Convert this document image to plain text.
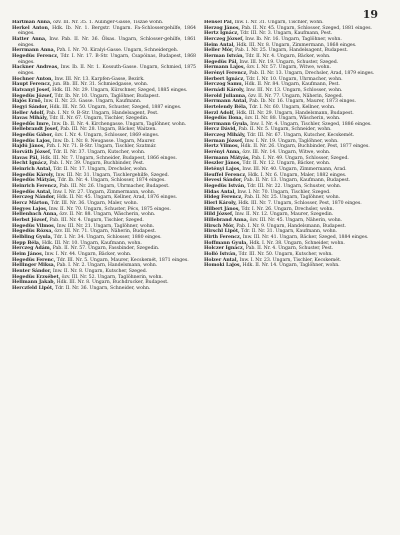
19

Hartman Anna, özv. III. Nr. 35. 1. Aulinger-Gasse, Tiszaé wohn.

Herkel Anton, Hdk. Ib. Nr. 1. Bergstr. Ungarn. Fa-Schlossergehilfe, 1864 einges.

Hatter Anna, Inw. Pab. II. Nr. 36. Ölsas. Ungarn, Schlosser-gehilfe, 1861 einges.

Herrmann Anna, Pzh. I. Nr. 70. Kiralyi-Gasse. Ungarn, Schneidergeh.

Hegedüs Ferencz, Tdr. I. Nr. 17. B-Str. Ungarn, Csapóinas, Budapest, 1868 einges.

Hackner Andreas, Inw. Ib. II. Nr. 1. Kossuth-Gasse. Ungarn, Schmied, 1875 einges.

Hochner Anton, Inw. III. Nr. 13. Karpfen-Gasse, Bezirk.

Haupt Ferencz, jun. Bb. III. Nr. 31. Schmiedgasse, wohn.

Hatvanyi Josef, Hdk. III. Nr. 29. Ungarn, Kürschner, Szeged, 1885 einges.

Hegedüs József, Tdr. Ib. Nr. 10. Ungarn, Taglöhner, Budapest.

Hajós Ernő, Inw. II. Nr. 23. Gasse. Ungarn, Kaufmann.

Hegyi Sándor, Hdk. III. Nr. 50. Ungarn, Schuster, Szeged, 1887 einges.

Heller Adolf, Pab. I. Nr. 9. B-Str. Ungarn, Handelsagent, Pest.

Havas Mihály, Tdr. II. Nr. 67. Ungarn, Tischler, Szegedin.

Hegedűs Imre, Inw. Ib. II. Nr. 4. Kirchengasse. Ungarn, Taglöhner, wohn.

Hellebrandt Josef, Pab. III. Nr. 28. Ungarn, Bäcker, Waitzen.

Hegedüs Gábor, özv. I. Nr. 4. Ungarn, Schlosser, 1869 einges.

Hegedüs Lajos, Inw. Ib. I. Nr. 8. Neugasse. Ungarn, Maurer.

Hajdú János, Pzh. I. Nr. 71. B-Str. Ungarn, Tischler, Szatmár.

Horváth József, Tdr. II. Nr. 37. Ungarn, Kutscher, wohn.

Havas Pál, Hdk. III. Nr. 7. Ungarn, Schneider, Budapest, 1866 einges.

Hecht Ignácz, Pab. I. Nr. 39. Ungarn, Buchbinder, Pest.

Heinrich Antal, Tdr. II. Nr. 17. Ungarn, Drechsler, wohn.

Hegedüs Károly, Inw. III. Nr. 31. Ungarn, Tischlergehilfe, Szeged.

Hegedüs Mátyás, Tdr. Ib. Nr. 4. Ungarn, Schlosser, 1874 einges.

Heinrich Ferencz, Pab. III. Nr. 26. Ungarn, Uhrmacher, Budapest.

Hegedüs Antal, Inw. I. Nr. 27. Ungarn, Zimmermann, wohn.

Herczeg Nándor, Hdk. II. Nr. 45. Ungarn, Kellner, Arad, 1876 einges.

Hercz Márton, Tdr. III. Nr. 36. Ungarn, Maler, wohn.

Hegyes Lajos, Inw. II. Nr. 70. Ungarn, Schuster, Pécs, 1875 einges.

Hellenbach Anna, özv. II. Nr. 88. Ungarn, Wäscherin, wohn.

Herbst József, Pab. III. Nr. 4. Ungarn, Tischler, Szeged.

Hegedüs Vilmos, Inw. III. Nr. 21. Ungarn, Taglöhner, wohn.

Hegedüs Rózsa, özv. III. Nr. 71. Ungarn, Näherin, Budapest.

Helbling Gyula, Tdr. I. Nr. 34. Ungarn, Schlosser, 1880 einges.

Hepp Béla, Hdk. III. Nr. 10. Ungarn, Kaufmann, wohn.

Herczeg Ádám, Pab. II. Nr. 57. Ungarn, Fassbinder, Szegedin.

Heim János, Inw. I. Nr. 44. Ungarn, Bäcker, wohn.

Hegedüs Ferenc, Tdr. III. Nr. 5. Ungarn, Maurer, Kecskemét, 1871 einges.

Hellinger Miksa, Pab. I. Nr. 2. Ungarn, Handelsmann, wohn.

Henter Sándor, Inw. II. Nr. 8. Ungarn, Kutscher, Szeged.

Hegedüs Erzsébet, özv. III. Nr. 52. Ungarn, Taglöhnerin, wohn.

Hellmann Jakab, Hdk. III. Nr. 8. Ungarn, Buchdrucker, Budapest.

Herczfeld Lipót, Tdr. II. Nr. 36. Ungarn, Schneider, wohn.

Hensel Pál, Inw. I. Nr. 31. Ungarn, Tischler, wohn.

Herzog János, Pab. II. Nr. 45. Ungarn, Schlosser, Szeged, 1881 einges.

Hertz Ignácz, Tdr. III. Nr. 3. Ungarn, Kaufmann, Pest.

Herczeg József, Inw. Ib. Nr. 16. Ungarn, Taglöhner, wohn.

Heim Antal, Hdk. III. Nr. 8. Ungarn, Zimmermann, 1868 einges.

Heller Mór, Pab. I. Nr. 25. Ungarn, Handelsagent, Budapest.

Herman István, Tdr. II. Nr. 4. Ungarn, Bäcker, wohn.

Hegedüs Pál, Inw. III. Nr. 19. Ungarn, Schuster, Szeged.

Hermann Lajos, özv. I. Nr. 57. Ungarn, Witwe, wohn.

Herényi Ferencz, Pab. II. Nr. 13. Ungarn, Drechsler, Arad, 1879 einges.

Herbert Ignácz, Tdr. I. Nr. 10. Ungarn, Uhrmacher, wohn.

Herczog Samu, Hdk. II. Nr. 84. Ungarn, Kaufmann, Pest.

Hernádi Károly, Inw. III. Nr. 13. Ungarn, Schlosser, wohn.

Herold Julianna, özv. II. Nr. 77. Ungarn, Näherin, Szeged.

Herrmann Antal, Pab. Ib. Nr. 16. Ungarn, Maurer, 1873 einges.

Hertelendy Béla, Tdr. I. Nr. 60. Ungarn, Kellner, wohn.

Herzl Adolf, Hdk. III. Nr. 29. Ungarn, Handelsmann, Budapest.

Hegedüs Ilona, özv. II. Nr. 88. Ungarn, Wäscherin, wohn.

Herrmann Gyula, Inw. I. Nr. 4. Ungarn, Tischler, Szeged, 1886 einges.

Hercz Dávid, Pab. II. Nr. 5. Ungarn, Schneider, wohn.

Herczeg Mihály, Tdr. III. Nr. 67. Ungarn, Kutscher, Kecskemét.

Herman József, Inw. I. Nr. 19. Ungarn, Taglöhner, wohn.

Hertz Vilmos, Hdk. II. Nr. 26. Ungarn, Buchbinder, Pest, 1877 einges.

Herényi Anna, özv. III. Nr. 14. Ungarn, Witwe, wohn.

Hermann Mátyás, Pab. I. Nr. 49. Ungarn, Schlosser, Szeged.

Heszler János, Tdr. II. Nr. 12. Ungarn, Bäcker, wohn.

Hetényi Lajos, Inw. III. Nr. 40. Ungarn, Zimmermann, Arad.

Heuffel Ferencz, Hdk. I. Nr. 6. Ungarn, Maler, 1882 einges.

Hevesi Sándor, Pab. II. Nr. 13. Ungarn, Kaufmann, Budapest.

Hegedüs István, Tdr. III. Nr. 22. Ungarn, Schuster, wohn.

Hidas Antal, Inw. I. Nr. 70. Ungarn, Tischler, Szeged.

Hideg Ferencz, Pab. II. Nr. 25. Ungarn, Taglöhner, wohn.

Hierl Károly, Hdk. III. Nr. 7. Ungarn, Schlosser, Pest, 1870 einges.

Hilbert János, Tdr. I. Nr. 26. Ungarn, Drechsler, wohn.

Hild József, Inw. II. Nr. 12. Ungarn, Maurer, Szegedin.

Hillebrand Anna, özv. III. Nr. 45. Ungarn, Näherin, wohn.

Hirsch Mór, Pab. I. Nr. 9. Ungarn, Handelsmann, Budapest.

Hirschl Lipót, Tdr. II. Nr. 31. Ungarn, Kaufmann, wohn.

Hirth Ferencz, Inw. III. Nr. 41. Ungarn, Bäcker, Szeged, 1884 einges.

Hoffmann Gyula, Hdk. I. Nr. 38. Ungarn, Schneider, wohn.

Holczer Ignácz, Pab. II. Nr. 4. Ungarn, Schuster, Pest.

Holló István, Tdr. III. Nr. 50. Ungarn, Kutscher, wohn.

Holzer Antal, Inw. I. Nr. 23. Ungarn, Tischler, Kecskemét.

Homoki Lajos, Hdk. II. Nr. 14. Ungarn, Taglöhner, wohn.
